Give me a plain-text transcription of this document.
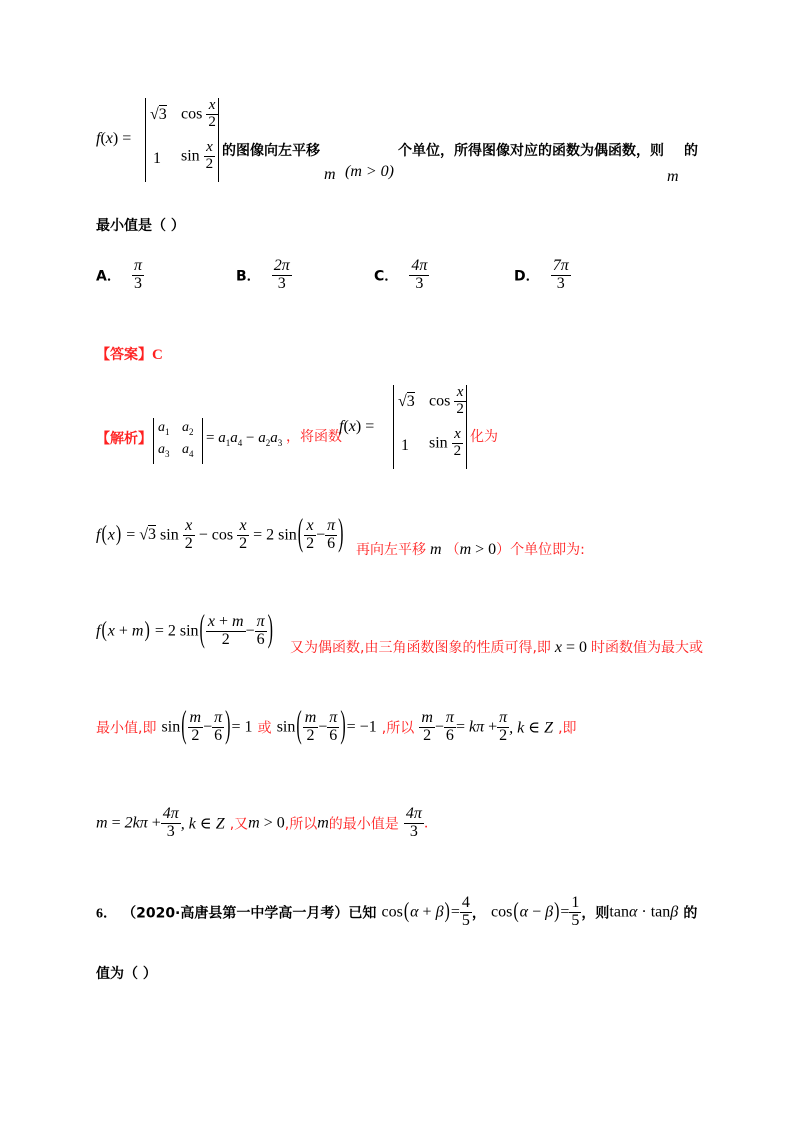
f(x) =
√3 $\cos \frac{x}{2}$
1 $\sin \frac{x}{2}$ 的图像向左平移	个单位，所得图像对应的函数为偶函数，则 的
m (m > 0)	m
最小值是（ ）
A． $\frac{\pi}{3}$	B． $\frac{2\pi}{3}$	C． $\frac{4\pi}{3}$	D． $\frac{7\pi}{3}$
【答案】C
【解析】
$a_1$ $a_2$
$a_3$ $a_4$
= $a_1a_4 - a_2a_3$ ，将函数
f(x) =
√3 $\cos \frac{x}{2}$
1 $\sin \frac{x}{2}$ 化为
f(x) = √3 $\sin \frac{x}{2} - \cos \frac{x}{2} = 2$ $\sin( \frac{x}{2} - \frac{\pi}{6}$ ) 再向左平移 m （m > 0）个单位即为:
f(x + m) = 2 $\sin( \frac{x + m}{2} - \frac{\pi}{6}$ ) 又为偶函数,由三角函数图象的性质可得,即 x = 0 时函数值为最大或
最小值,即 $\sin( \frac{m}{2} - \frac{\pi}{6}$ )= 1 或 $\sin( \frac{m}{2} - \frac{\pi}{6}$ )= −1 ,所以 $\frac{m}{2} - \frac{\pi}{6} = k\pi + \frac{\pi}{2}$ , k ∈ Z ,即
$m = 2k\pi + \frac{4\pi}{3}$ , k ∈ Z ,又m > 0,所以m的最小值是 $\frac{4\pi}{3}$ .
6． （2020·高唐县第一中学高一月考）已知 $\cos(\alpha + \beta)= \frac{4}{5}$ ， $\cos(\alpha - \beta)= \frac{1}{5}$ ，则tanα · tanβ 的
值为（ ）
